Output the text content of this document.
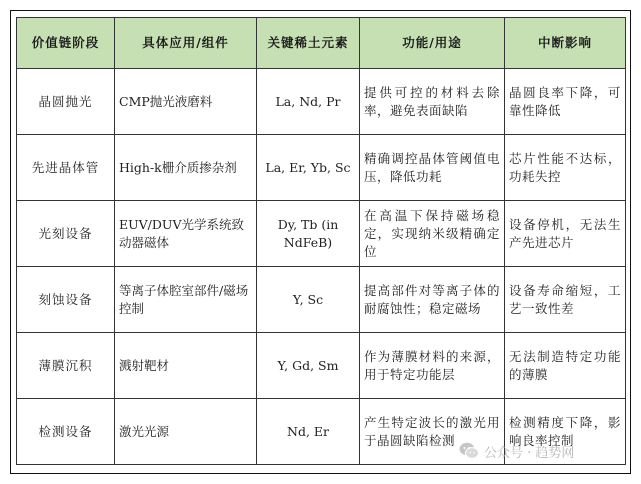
价值链阶段	具体应用/组件	关键稀土元素	功能/用途	中断影响
晶圆抛光	CMP抛光液磨料	La, Nd, Pr	提供可控的材料去除率，避免表面缺陷	晶圆良率下降，可靠性降低
先进晶体管	High-k栅介质掺杂剂	La, Er, Yb, Sc	精确调控晶体管阈值电压，降低功耗	芯片性能不达标，功耗失控
光刻设备	EUV/DUV光学系统致动器磁体	Dy, Tb (in NdFeB)	在高温下保持磁场稳定，实现纳米级精确定位	设备停机，无法生产先进芯片
刻蚀设备	等离子体腔室部件/磁场控制	Y, Sc	提高部件对等离子体的耐腐蚀性；稳定磁场	设备寿命缩短，工艺一致性差
薄膜沉积	溅射靶材	Y, Gd, Sm	作为薄膜材料的来源，用于特定功能层	无法制造特定功能的薄膜
检测设备	激光光源	Nd, Er	产生特定波长的激光用于晶圆缺陷检测	检测精度下降，影响良率控制
公众号 · 趋势网
